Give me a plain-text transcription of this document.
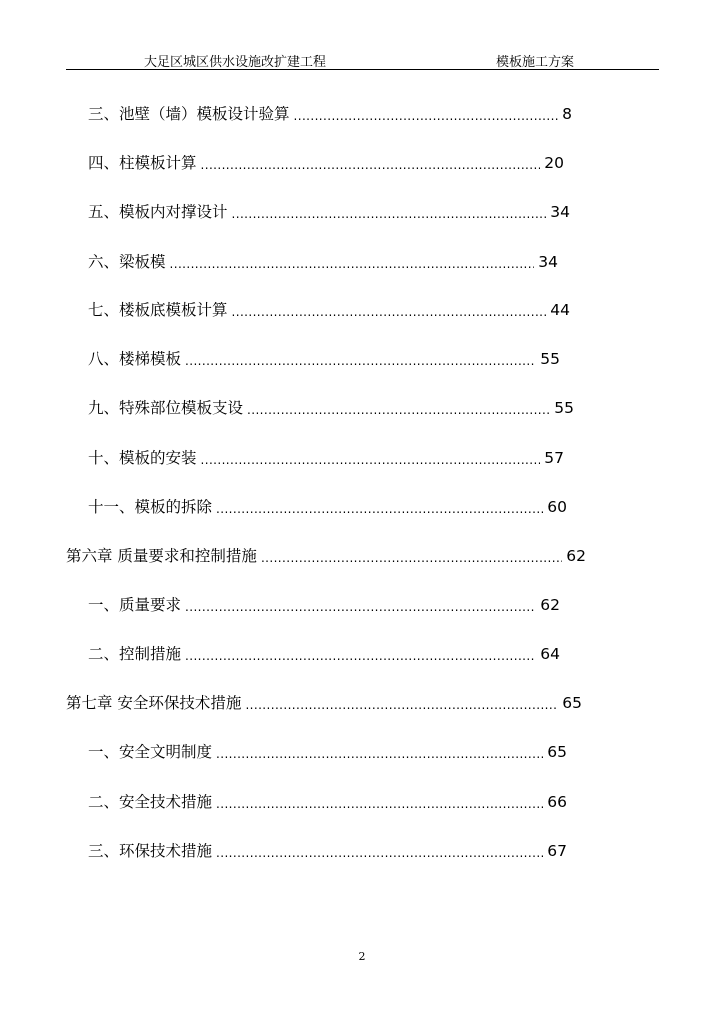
大足区城区供水设施改扩建工程	模板施工方案
三、池壁（墙）模板设计验算 .....	8
四、柱模板计算 .....	20
五、模板内对撑设计 .....	34
六、梁板模 .....	34
七、楼板底模板计算 .....	44
八、楼梯模板 .....	55
九、特殊部位模板支设 .....	55
十、模板的安装 .....	57
十一、模板的拆除 .....	60
第六章 质量要求和控制措施 .....	62
一、质量要求 .....	62
二、控制措施 .....	64
第七章 安全环保技术措施 .....	65
一、安全文明制度 .....	65
二、安全技术措施 .....	66
三、环保技术措施 .....	67
2
